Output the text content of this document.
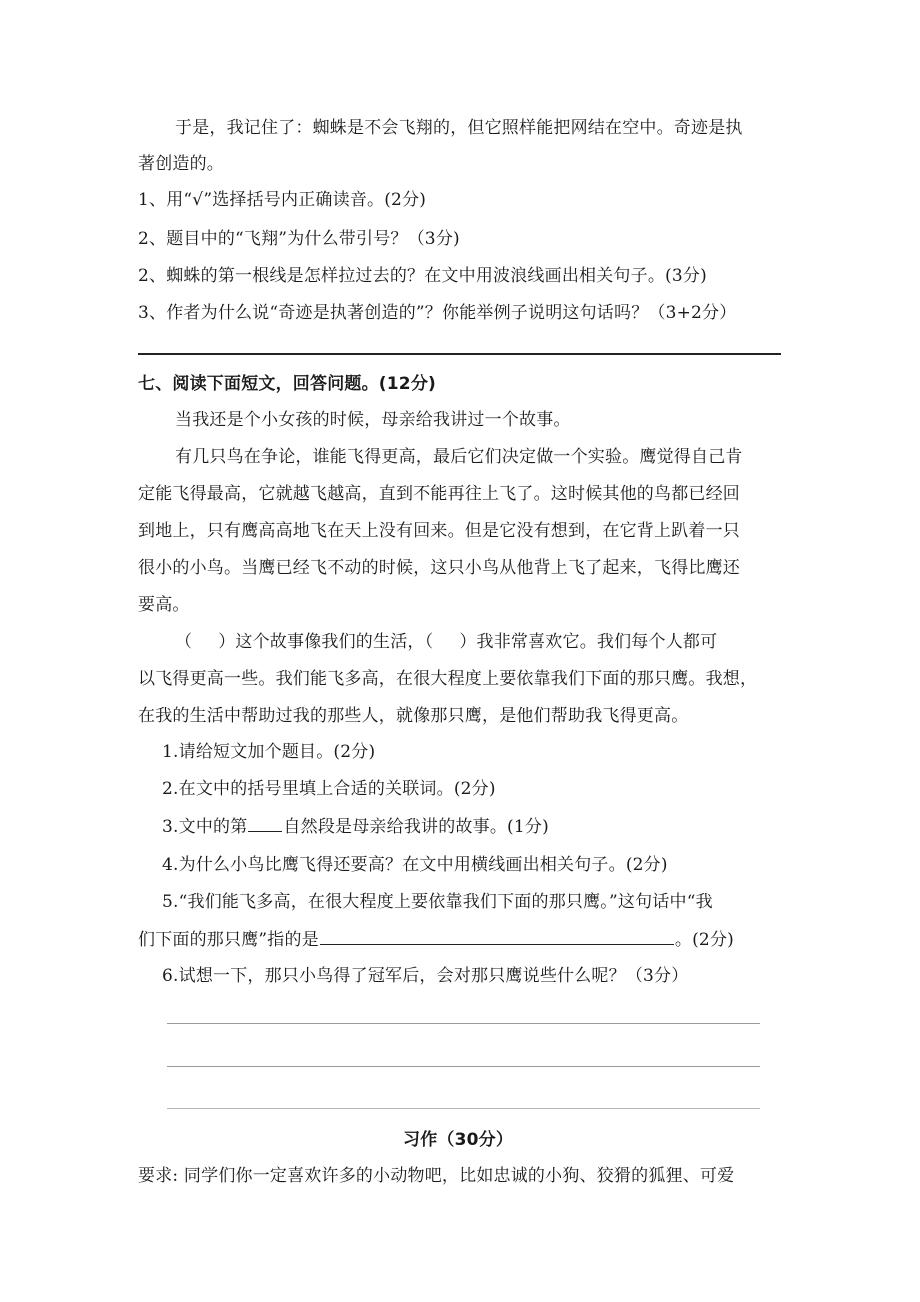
于是，我记住了：蜘蛛是不会飞翔的，但它照样能把网结在空中。奇迹是执
著创造的。
1、用“√”选择括号内正确读音。(2分)
2、题目中的“飞翔”为什么带引号？（3分)
2、蜘蛛的第一根线是怎样拉过去的？在文中用波浪线画出相关句子。(3分)
3、作者为什么说“奇迹是执著创造的”？你能举例子说明这句话吗？（3+2分）
七、阅读下面短文，回答问题。(12分)
当我还是个小女孩的时候，母亲给我讲过一个故事。
有几只鸟在争论，谁能飞得更高，最后它们决定做一个实验。鹰觉得自己肯
定能飞得最高，它就越飞越高，直到不能再往上飞了。这时候其他的鸟都已经回
到地上，只有鹰高高地飞在天上没有回来。但是它没有想到，在它背上趴着一只
很小的小鸟。当鹰已经飞不动的时候，这只小鸟从他背上飞了起来，飞得比鹰还
要高。
（ ）这个故事像我们的生活，（ ）我非常喜欢它。我们每个人都可
以飞得更高一些。我们能飞多高，在很大程度上要依靠我们下面的那只鹰。我想，
在我的生活中帮助过我的那些人，就像那只鹰，是他们帮助我飞得更高。
1.请给短文加个题目。(2分)
2.在文中的括号里填上合适的关联词。(2分)
3.文中的第 自然段是母亲给我讲的故事。(1分)
4.为什么小鸟比鹰飞得还要高？在文中用横线画出相关句子。(2分)
5.“我们能飞多高，在很大程度上要依靠我们下面的那只鹰。”这句话中“我
们下面的那只鹰”指的是	。(2分)
6.试想一下，那只小鸟得了冠军后，会对那只鹰说些什么呢？（3分）
习作（30分）
要求: 同学们你一定喜欢许多的小动物吧，比如忠诚的小狗、狡猾的狐狸、可爱
